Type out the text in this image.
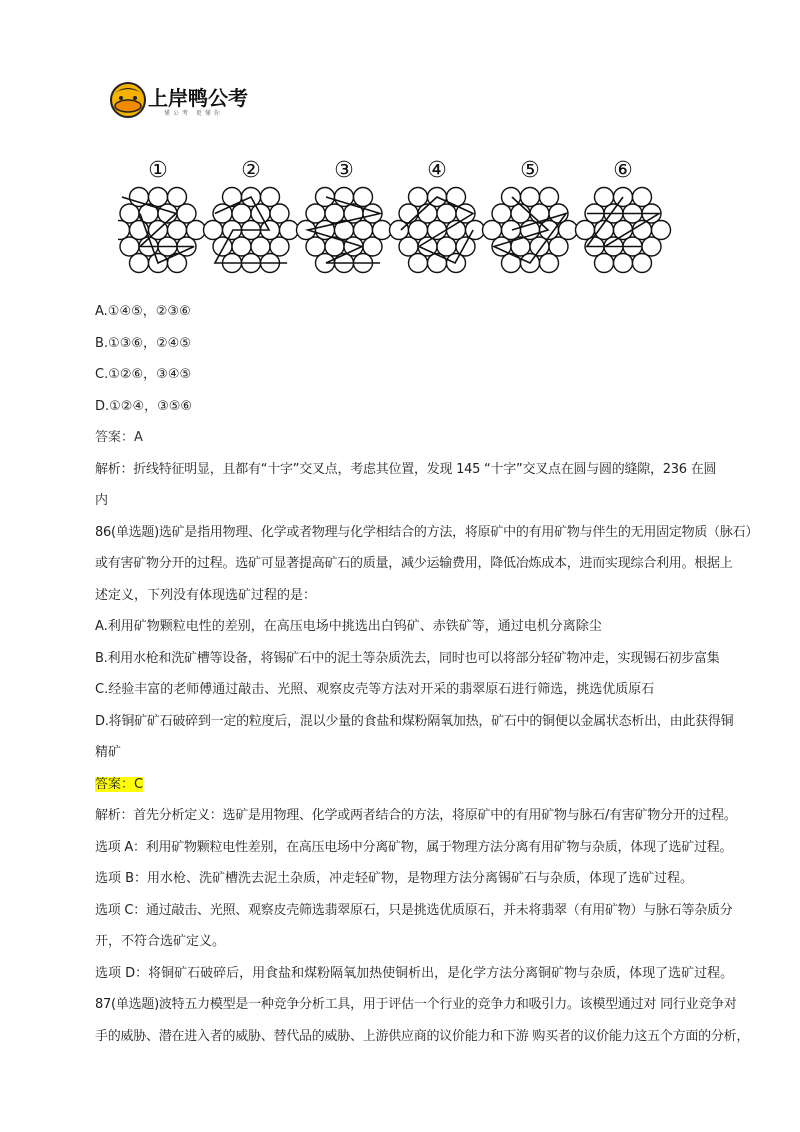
上岸鸭公考
懂公考 更懂你
①	②	③	④	⑤	⑥
A.①④⑤，②③⑥
B.①③⑥，②④⑤
C.①②⑥，③④⑤
D.①②④，③⑤⑥
答案：A
解析：折线特征明显，且都有“十字”交叉点，考虑其位置，发现 145 “十字”交叉点在圆与圆的缝隙，236 在圆
内
86(单选题)选矿是指用物理、化学或者物理与化学相结合的方法，将原矿中的有用矿物与伴生的无用固定物质（脉石）
或有害矿物分开的过程。选矿可显著提高矿石的质量，减少运输费用，降低冶炼成本，进而实现综合利用。根据上
述定义，下列没有体现选矿过程的是：
A.利用矿物颗粒电性的差别，在高压电场中挑选出白钨矿、赤铁矿等，通过电机分离除尘
B.利用水枪和洗矿槽等设备，将锡矿石中的泥土等杂质洗去，同时也可以将部分轻矿物冲走，实现锡石初步富集
C.经验丰富的老师傅通过敲击、光照、观察皮壳等方法对开采的翡翠原石进行筛选，挑选优质原石
D.将铜矿矿石破碎到一定的粒度后，混以少量的食盐和煤粉隔氧加热，矿石中的铜便以金属状态析出，由此获得铜
精矿
答案：C
解析：首先分析定义：选矿是用物理、化学或两者结合的方法，将原矿中的有用矿物与脉石/有害矿物分开的过程。
选项 A：利用矿物颗粒电性差别，在高压电场中分离矿物，属于物理方法分离有用矿物与杂质，体现了选矿过程。
选项 B：用水枪、洗矿槽洗去泥土杂质，冲走轻矿物，是物理方法分离锡矿石与杂质，体现了选矿过程。
选项 C：通过敲击、光照、观察皮壳筛选翡翠原石，只是挑选优质原石，并未将翡翠（有用矿物）与脉石等杂质分
开，不符合选矿定义。
选项 D：将铜矿石破碎后，用食盐和煤粉隔氧加热使铜析出，是化学方法分离铜矿物与杂质，体现了选矿过程。
87(单选题)波特五力模型是一种竞争分析工具，用于评估一个行业的竞争力和吸引力。该模型通过对 同行业竞争对
手的威胁、潜在进入者的威胁、替代品的威胁、上游供应商的议价能力和下游 购买者的议价能力这五个方面的分析，
